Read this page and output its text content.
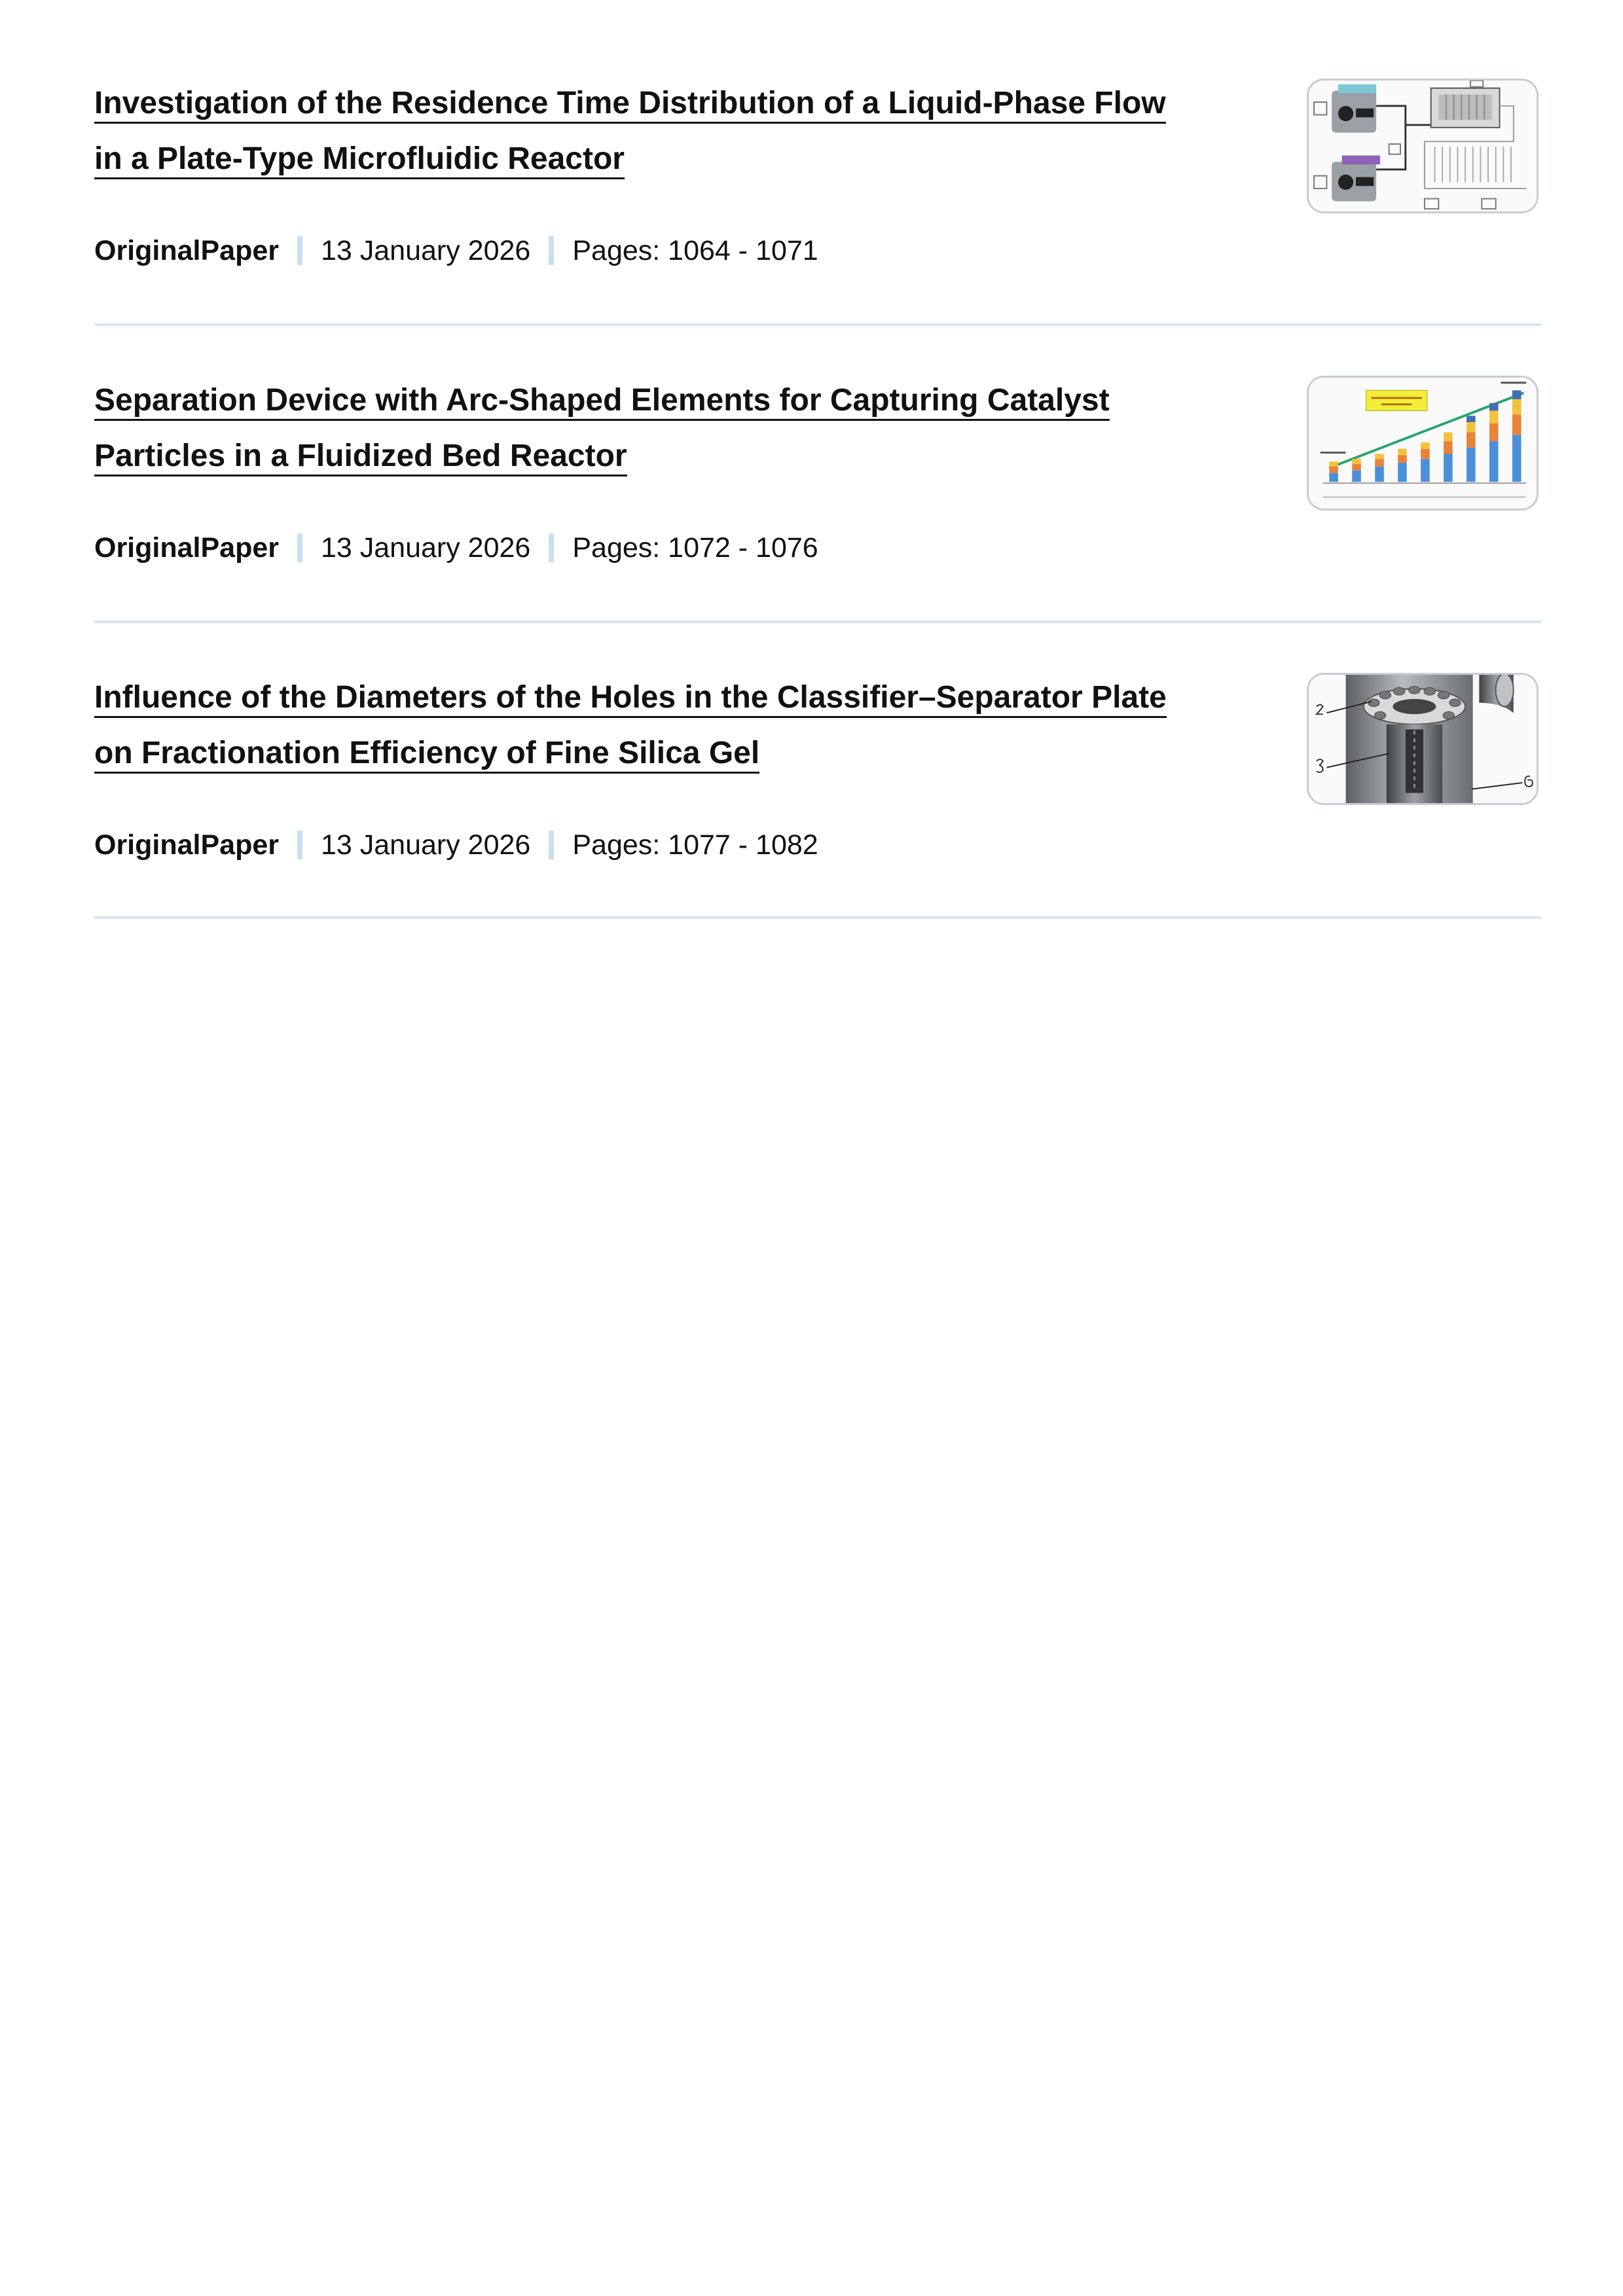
Investigation of the Residence Time Distribution of a Liquid-Phase Flow
in a Plate-Type Microfluidic Reactor
OriginalPaper 13 January 2026 Pages: 1064 - 1071
Separation Device with Arc-Shaped Elements for Capturing Catalyst
Particles in a Fluidized Bed Reactor
OriginalPaper 13 January 2026 Pages: 1072 - 1076
Influence of the Diameters of the Holes in the Classifier–Separator Plate
on Fractionation Efficiency of Fine Silica Gel
OriginalPaper 13 January 2026 Pages: 1077 - 1082
